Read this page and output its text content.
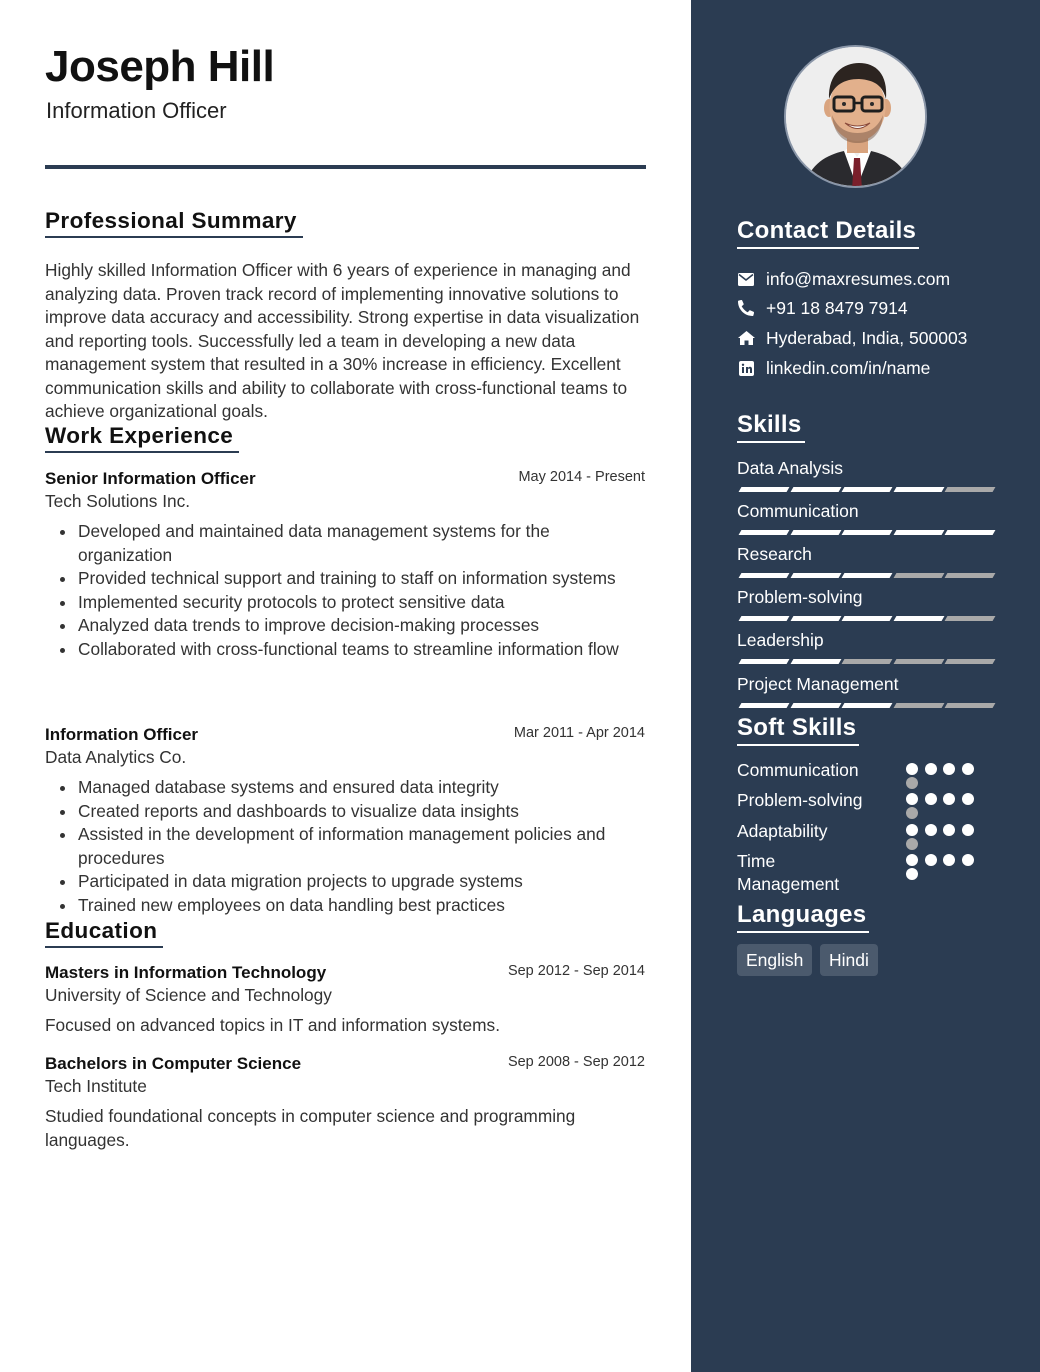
Joseph Hill
Information Officer
Professional Summary
Highly skilled Information Officer with 6 years of experience in managing and analyzing data. Proven track record of implementing innovative solutions to improve data accuracy and accessibility. Strong expertise in data visualization and reporting tools. Successfully led a team in developing a new data management system that resulted in a 30% increase in efficiency. Excellent communication skills and ability to collaborate with cross-functional teams to achieve organizational goals.
Work Experience
Senior Information Officer	May 2014 - Present
Tech Solutions Inc.
Developed and maintained data management systems for the organization
Provided technical support and training to staff on information systems
Implemented security protocols to protect sensitive data
Analyzed data trends to improve decision-making processes
Collaborated with cross-functional teams to streamline information flow
Information Officer	Mar 2011 - Apr 2014
Data Analytics Co.
Managed database systems and ensured data integrity
Created reports and dashboards to visualize data insights
Assisted in the development of information management policies and procedures
Participated in data migration projects to upgrade systems
Trained new employees on data handling best practices
Education
Masters in Information Technology	Sep 2012 - Sep 2014
University of Science and Technology
Focused on advanced topics in IT and information systems.
Bachelors in Computer Science	Sep 2008 - Sep 2012
Tech Institute
Studied foundational concepts in computer science and programming languages.
Contact Details
info@maxresumes.com
+91 18 8479 7914
Hyderabad, India, 500003
linkedin.com/in/name
Skills
Soft Skills
Languages
English	Hindi
Data Analysis
Communication
Research
Problem-solving
Leadership
Project Management
Communication
Problem-solving
Adaptability
Time Management
